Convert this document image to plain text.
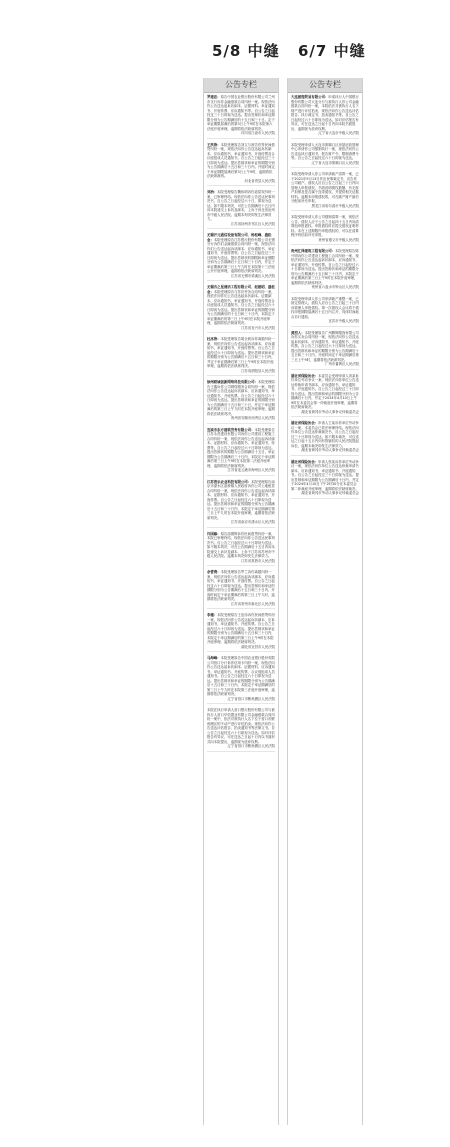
5/8 中缝 6/7 中缝
公告专栏
罗建忠：原告中国农业银行股份有限公司兰州市支行诉你金融借款合同纠纷一案，现依法向你公告送达起诉状副本、证据材料、举证通知书、开庭传票、应诉通知书等。自公告之日起经过三十日即视为送达。提出答辩状和举证期限分别为公告期满后的十五日和三十日。定于举证期限届满后的第3日上午9时在本院第六法庭开庭审理，逾期将依法缺席判决。
四川省江油市人民法院
王洪涛：本院受理原告刘文与被告你等民间借贷纠纷一案，现依法向你公告送达起诉状副本、应诉通知书、举证通知书、开庭传票及合议庭组成人员通知书。自公告之日起经过三十日即视为送达。提出答辩状和举证的期限分别为公告期满后十五日和三十日内。开庭时间定于举证期限届满后第3日上午9时，逾期将依法缺席裁判。
河北省青县人民法院
刘治：本院受理原告魏伟明诉你追偿权纠纷一案，已审理终结。现依法向你公告送达民事判决书，自公告之日起经过六十日，即视为送达。如不服本判决，可在公告期满后十五日内向本院递交上诉状及副本，上诉于河北省沧州市中级人民法院。逾期本判决即发生法律效力。
江苏省扬州市邗江区人民法院
无锡开元通信设备有限公司、杨松峰、盛松金：本院受理原告江苏银行股份有限公司无锡分行诉你们金融借款合同纠纷一案，现依法向你们公告送达起诉状副本、应诉通知书、举证通知书、开庭传票等。自公告之日起经过三十日即视为送达。提出答辩状的期限和举证期限分别为公告期满后十五日和三十日内，并定于举证期满后第三日上午九时在本院第十三法庭公开开庭审理，逾期将依法缺席判决。
江苏省无锡市梁溪区人民法院
无锡吉之星清洁工程有限公司、赵建明、盛松金：本院受理原告与你们劳务合同纠纷一案，现依法向你们公告送达起诉状副本、证据副本、应诉通知书、举证通知书、开庭传票及合议庭组成人员通知书。自公告之日起经过六十日即视为送达。提出答辩状和举证的期限分别为公告期满后的十五日和三十日内，本院定于举证期满后的第三日上午9时在本院开庭审理，逾期将依法缺席判决。
江苏省宜兴市人民法院
杜冰涛：本院受理原告胡全莉诉你离婚纠纷一案，现依法向你公告送达起诉状副本、应诉通知书、举证通知书、开庭传票等。自公告之日起经过六十日即视为送达。提出答辩状和举证的期限分别为公告期满后十五日和三十日内，并定于举证期满后第三日上午9时在本院开庭审理，逾期将依法缺席判决。
江苏省泗阳县人民法院
徐州联诚创新网络科技有限公司：本院受理原告王鑫诉你公司网络服务合同纠纷一案，现依法向你公告送达起诉状副本、应诉通知书、举证通知书、开庭传票。自公告之日起经过六十日即视为送达。提出答辩状和举证的期限分别为公告期满后十五日和三十日，并定于举证期满后的第三日上午九时在本院开庭审理，逾期将依法缺席判决。
贵州省安顺市西秀区人民法院
宣威市东方建筑劳务有限公司：本院受理原告江苏永昌建设有限公司诉你公司建设工程施工合同纠纷一案，现依法向你公告送达起诉状副本、证据材料、应诉通知书、举证通知书、传票等。自公告之日起经过六十日即视为送达。提出答辩状的期限为公告期满后十五日，举证期限为公告期满后三十日内，本院定于举证期满后第三日上午9时在本院第二法庭开庭审理，逾期将依法缺席判决。
江苏省连云港市海州区人民法院
江苏普乐农业科技有限公司：本院受理原告南京市溧水区晶桥镇人民政府诉你公司土地租赁合同纠纷一案，现依法向你公告送达起诉状副本、证据材料、应诉通知书、举证通知书、开庭传票。自公告之日起经过六十日即视为送达。提出答辩状和举证的期限分别为公告期满后十五日和三十日内，本院定于举证期满后第三日上午九时在本院开庭审理，逾期将依法缺席判决。
江苏省南京市溧水区人民法院
许国雄：原告邵德辉诉你民间借贷纠纷一案，本院已审理终结，现依法向你公告送达民事判决书。自公告之日起经过六十日即视为送达。如不服本判决，可在公告期满后十五日内向本院递交上诉状及副本，上诉于江苏省苏州市中级人民法院。逾期本判决即发生法律效力。
江苏省常熟市人民法院
余曾湾：本院受理原告罗兰诉你离婚纠纷一案，现依法向你公告送达起诉状副本、应诉通知书、举证通知书、开庭传票。自公告之日起经过六十日即视为送达。提出答辩状和举证的期限分别为公告期满后十五日和三十日内，开庭时间定于举证期满后的第三日上午九时，逾期将依法缺席判决。
江苏省常州市新北区人民法院
李瑾：本院受理原告王忠伟诉你民间借贷纠纷一案，现依法向你公告送达起诉状副本、应诉通知书、举证通知书、开庭传票。自公告之日起经过六十日即视为送达。提出答辩状和举证的期限分别为公告期满后十五日和三十日内，本院定于举证期满后的第三日上午9时在本院开庭审理，逾期将依法缺席判决。
湖北省宜昌市人民法院
马海峰：本院受理原告中国农业银行股份有限公司营口分行诉你信用卡纠纷一案，现依法向你公告送达起诉状副本、证据材料、应诉通知书、举证通知书、开庭传票、合议庭组成人员通知书。自公告之日起经过六十日即视为送达。提出答辩状和举证的期限分别为公告期满后十五日和三十日内，本院定于举证期满后的第三日上午九时在本院第三法庭开庭审理，逾期将依法缺席判决。
辽宁省营口市鲅鱼圈区人民法院
本院在执行申请人营口银行股份有限公司与被执行人营口华信置业有限公司金融借款合同纠纷一案中，依法对被执行人名下位于营口市鲅鱼圈区的不动产进行评估拍卖。现依法向你公告送达评估报告、拍卖通知书等法律文书。自公告之日起经过六十日即视为送达。如对评估报告有异议，可在送达之日起十日内以书面形式向本院提出，逾期视为放弃权利。
辽宁省营口市鲅鱼圈区人民法院
公告专栏
大连振翔贸易有限公司：申请执行人中国银行股份有限公司大连分行与被执行人你公司金融借款合同纠纷一案，本院依法对被执行人名下财产进行评估拍卖，现依法向你公告送达评估报告、执行裁定书、拍卖通知书等。自公告之日起经过六十日即视为送达。如对评估报告有异议，可在送达之日起十日内向本院书面提出，逾期视为放弃权利。
辽宁省大连市中级人民法院
本院受理申请人大连市旅顺口区房屋征收管理中心申请你公司强制执行一案，现依法向你公告送达执行通知书、报告财产令、限制消费令等。自公告之日起经过六十日即视为送达。
辽宁省大连市旅顺口区人民法院
本院受理申请人你公司申请破产清算一案，已于2021年9月13日作出民事裁定书，宣告你公司破产。债权人应自公告之日起三十日内向管理人申报债权，书面说明债权数额、有无财产担保及是否属于连带债权，并提供相关证据材料。逾期未申报债权的，可在破产财产最后分配前补充申报。
黑龙江省哈尔滨市中级人民法院
本院受理申请人你公司强制清算一案，现依法公告，债权人应于公告之日起四十五日内向清算组申报债权。申报债权时应提交债权证明材料。未在上述期限内申报债权的，可以在清算程序终结前补充申报。
贵州省遵义市中级人民法院
贵州汇泽建筑工程有限公司：本院受理原告陈兴明诉你公司建设工程施工合同纠纷一案，现依法向你公告送达起诉状副本、应诉通知书、举证通知书、开庭传票。自公告之日起经过六十日即视为送达。提出答辩状和举证的期限分别为公告期满后十五日和三十日内，本院定于举证期满后第三日上午9时在本院开庭审理，逾期将依法缺席判决。
贵州省六盘水市钟山区人民法院
本院受理申请人你公司申请破产重整一案，已指定管理人。债权人应自公告之日起三十日内向管理人申报债权。第一次债权人会议将于债权申报期限届满后十五日内召开，具体时间地点另行通知。
宜宾市中级人民法院
黄烈人：本院受理原告广州腾辉服饰有限公司诉你买卖合同纠纷一案，现依法向你公告送达起诉状副本、应诉通知书、举证通知书、开庭传票。自公告之日起经过六十日即视为送达。提出答辩状和举证的期限分别为公告期满后十五日和三十日内，开庭时间定于举证期满后第三日上午9时，逾期将依法缺席判决。
广州市番禺区人民法院
湖北省保险协会：本委员会受理申请人刘某诉你单位劳动争议一案，现依法向你单位公告送达仲裁申请书副本、应诉通知书、举证通知书、开庭通知书。自公告之日起经过三十日即视为送达。提出答辩和举证的期限分别为公告期满后十日内，并定于2024年4月10日上午9时在本委员会第一仲裁庭开庭审理，逾期将依法缺席裁决。
湖北省黄冈市劳动人事争议仲裁委员会
湖北省保险协会：申请人王某诉你单位劳动争议一案，本委员会已依法审理终结。现依法向你单位公告送达仲裁裁决书，自公告之日起经过三十日即视为送达。如不服本裁决，可自送达之日起十五日内向有管辖权的人民法院提起诉讼，逾期本裁决即发生法律效力。
湖北省黄冈市劳动人事争议仲裁委员会
湖北省保险协会：申请人张某诉你单位劳动争议一案，现依法向你单位公告送达仲裁申请书副本、应诉通知书、举证通知书、开庭通知书。自公告之日起经过三十日即视为送达。提出答辩和举证期限为公告期满后十日内，并定于2024年4月10日下午2时30分在本委员会第二仲裁庭开庭审理，逾期将依法缺席裁决。
湖北省黄冈市劳动人事争议仲裁委员会
